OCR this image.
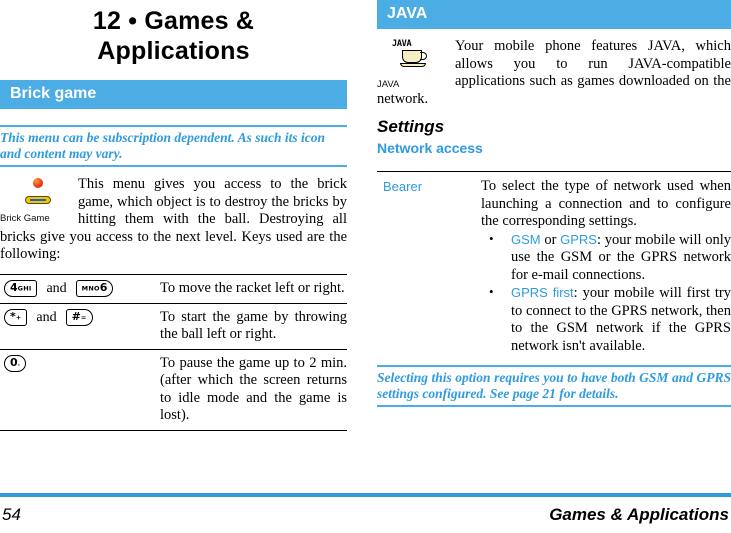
12 • Games &
Applications
Brick game
This menu can be subscription dependent. As such its icon and content may vary.
Brick Game
This menu gives you access to the brick game, which object is to destroy the bricks by hitting them with the ball. Destroying all bricks give you access to the next level. Keys used are the following:
4GHI and MNO6	To move the racket left or right.
*+ and #=	To start the game by throwing the ball left or right.
0.	To pause the game up to 2 min. (after which the screen returns to idle mode and the game is lost).
JAVA
JAVA
JAVA
Your mobile phone features JAVA, which allows you to run JAVA-compatible applications such as games downloaded on the network.
Settings
Network access
Bearer	To select the type of network used when launching a connection and to configure the corresponding settings.
• GSM or GPRS: your mobile will only use the GSM or the GPRS network for e-mail connections.
• GPRS first: your mobile will first try to connect to the GPRS network, then to the GSM network if the GPRS network isn't available.
Selecting this option requires you to have both GSM and GPRS settings configured. See page 21 for details.
54	Games & Applications
